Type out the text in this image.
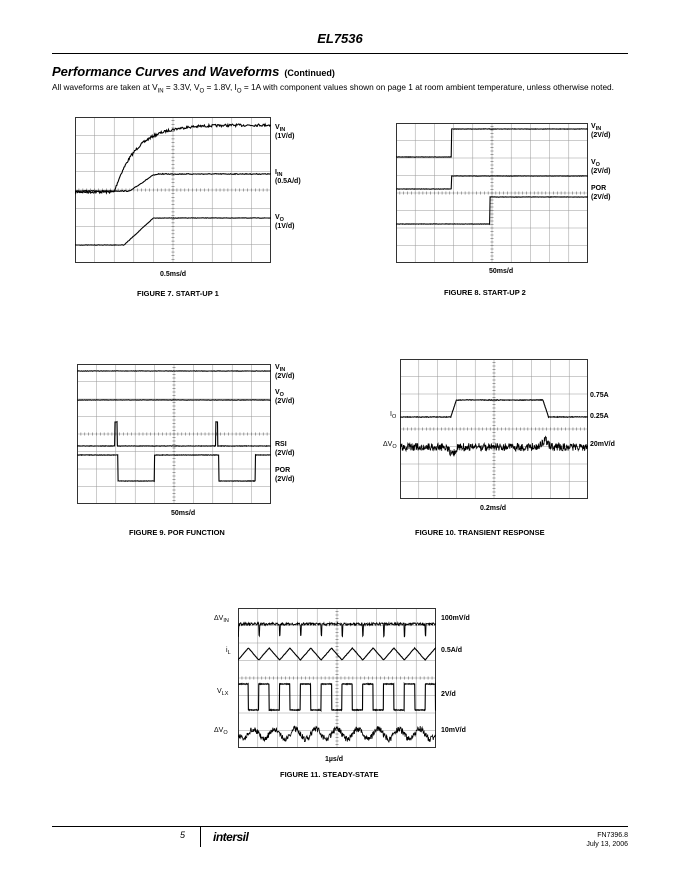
EL7536
Performance Curves and Waveforms (Continued)
All waveforms are taken at $V_{IN} = 3.3V$, $V_O = 1.8V$, $I_O = 1A$ with component values shown on page 1 at room ambient temperature, unless otherwise noted.
$V_{IN}$
(1V/d)
$I_{IN}$
(0.5A/d)
$V_O$
(1V/d)
0.5ms/d
FIGURE 7. START-UP 1
$V_{IN}$
(2V/d)
$V_O$
(2V/d)
POR
(2V/d)
50ms/d
FIGURE 8. START-UP 2
$V_{IN}$
(2V/d)
$V_O$
(2V/d)
RSI
(2V/d)
POR
(2V/d)
50ms/d
FIGURE 9. POR FUNCTION
0.75A
0.25A
20mV/d
$I_O$
$\Delta V_O$
0.2ms/d
FIGURE 10. TRANSIENT RESPONSE
100mV/d
0.5A/d
2V/d
10mV/d
$\Delta V_{IN}$
$i_L$
$V_{LX}$
$\Delta V_O$
1µs/d
FIGURE 11. STEADY-STATE
5 intersil	FN7396.8
July 13, 2006
